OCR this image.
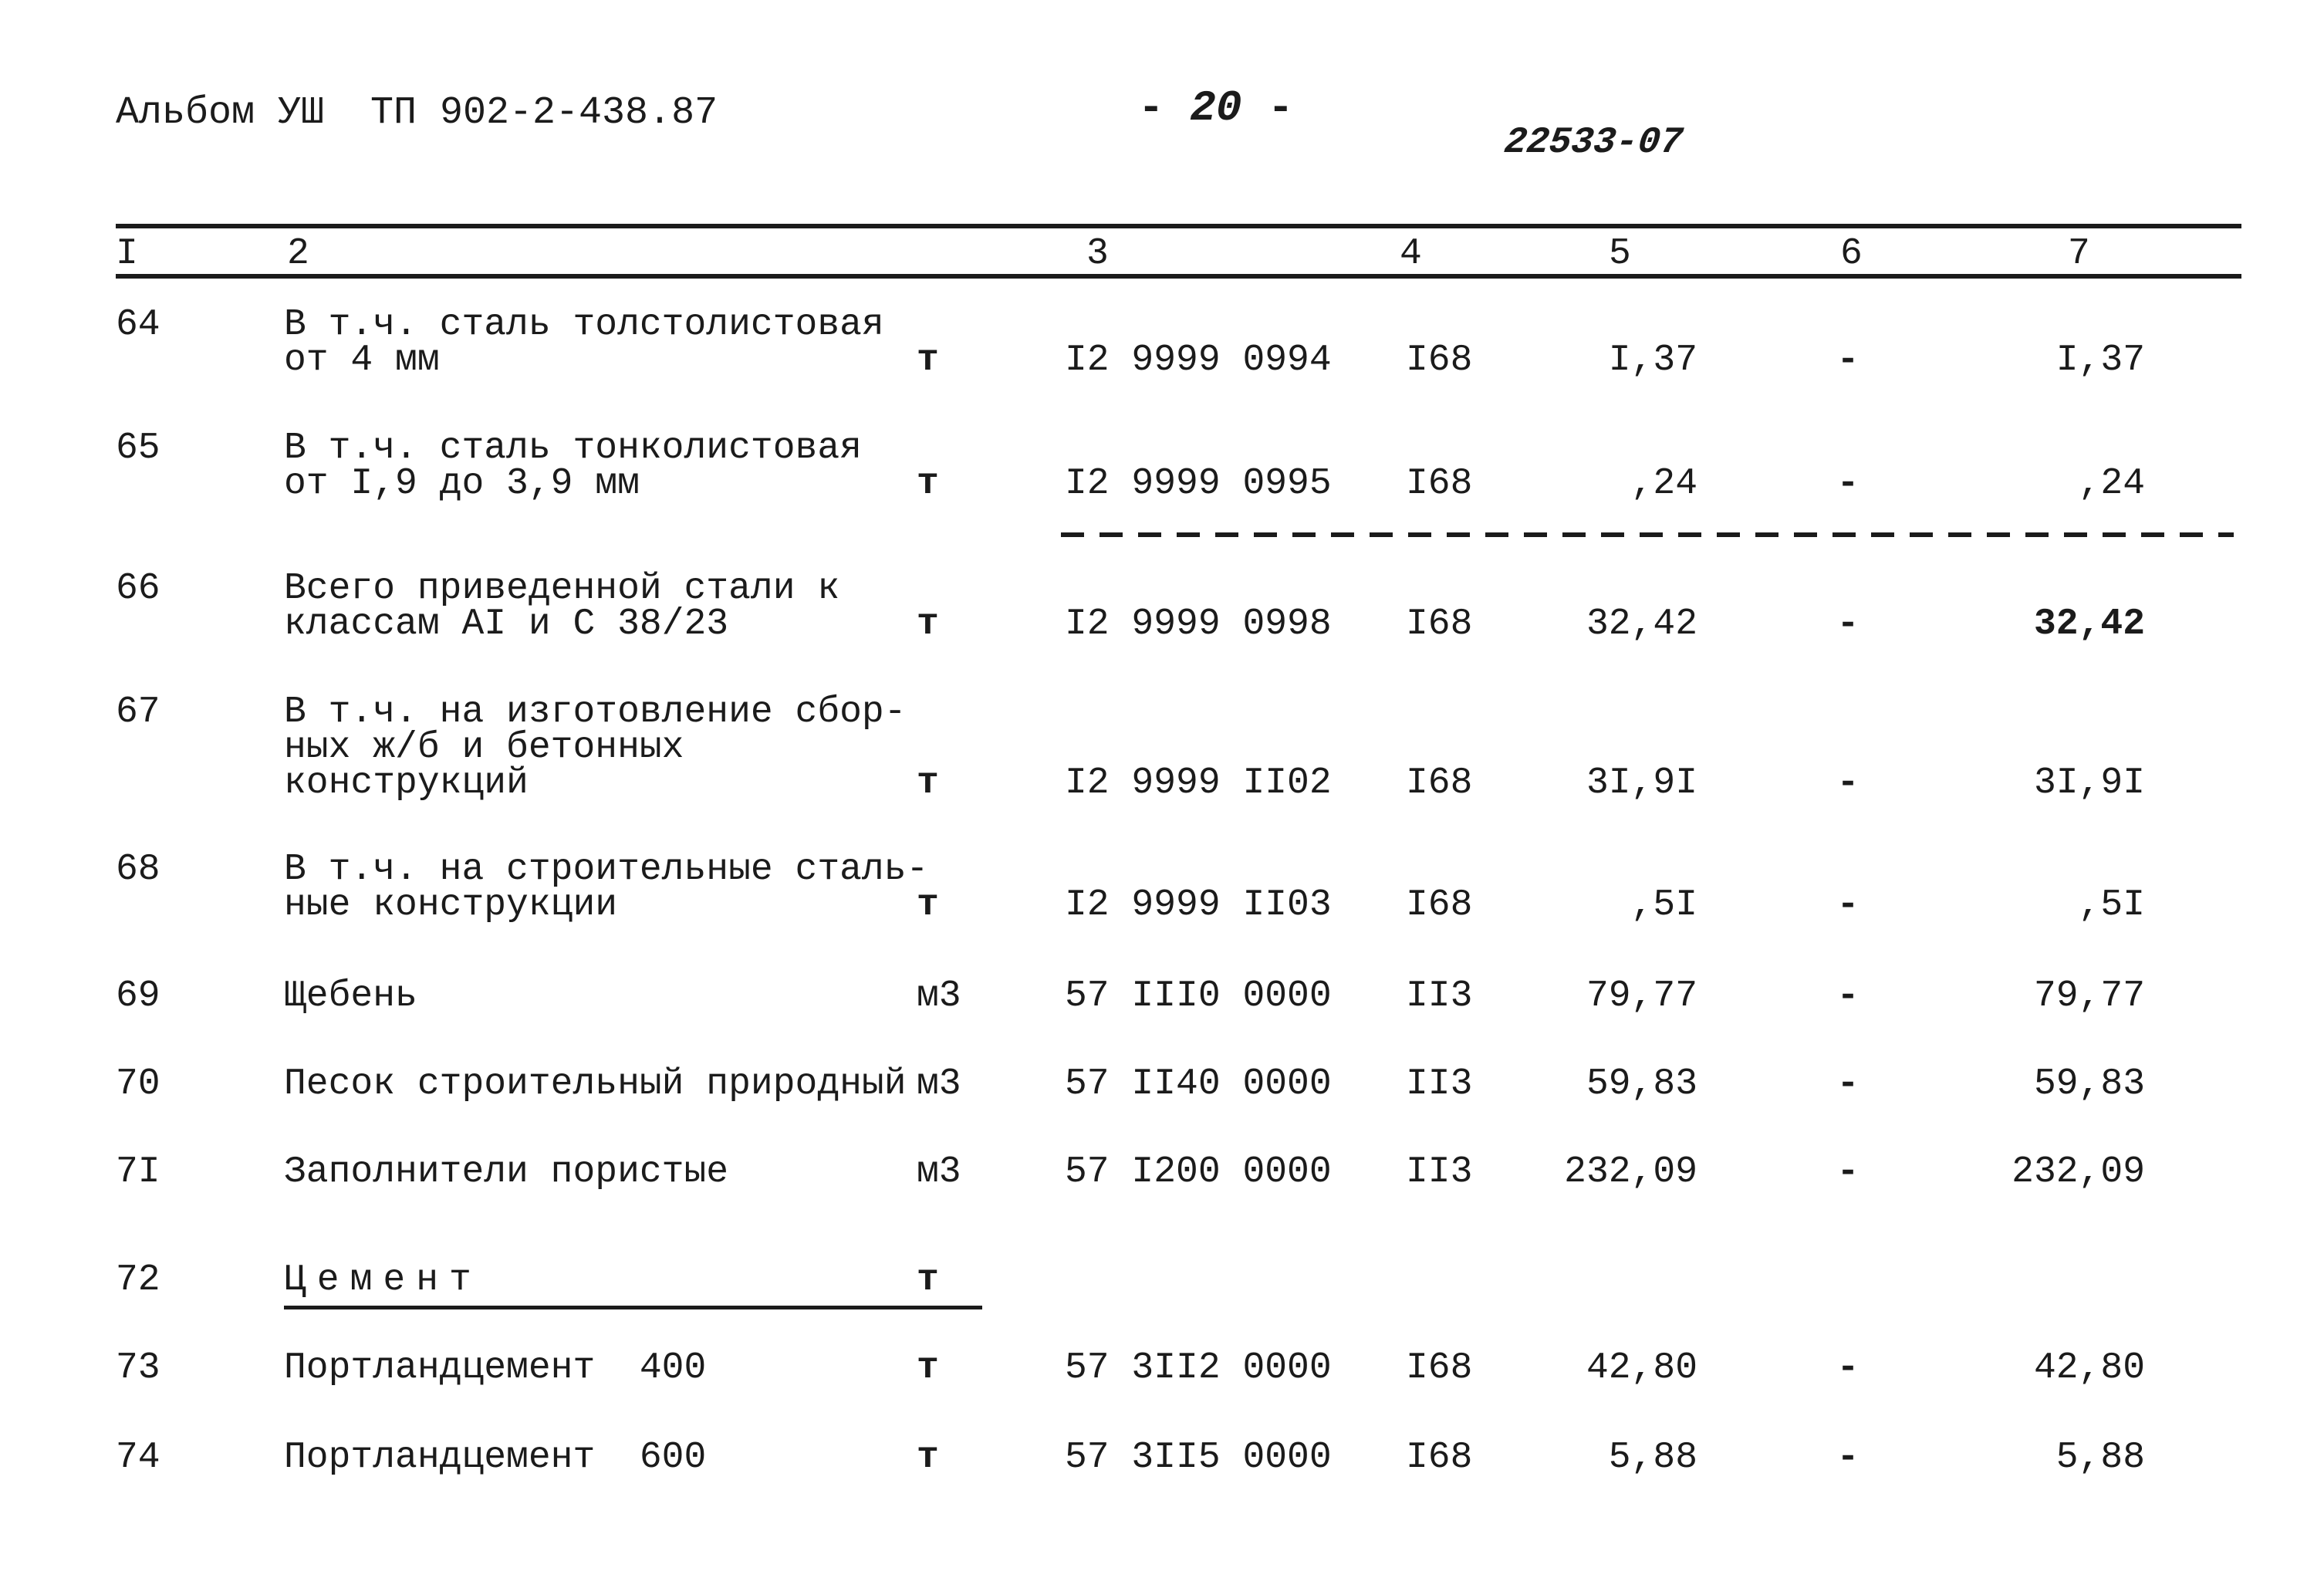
Альбом УШ ТП 902-2-438.87	- 20 -
22533-07
I	2	3	4	5	6	7
64	В т.ч. сталь толстолистовая
от 4 мм	т	I2 9999 0994 I68	I,37	-	I,37
65	В т.ч. сталь тонколистовая
от I,9 до 3,9 мм	т	I2 9999 0995 I68	,24	-	,24
66	Всего приведенной стали к
классам AI и С 38/23	т	I2 9999 0998 I68	32,42	-	32,42
67	В т.ч. на изготовление сбор-
ных ж/б и бетонных
конструкций	т	I2 9999 II02 I68	3I,9I	-	3I,9I
68	В т.ч. на строительные сталь-
ные конструкции	т	I2 9999 II03 I68	,5I	-	,5I
69	Щебень	м3	57 III0 0000 II3	79,77	-	79,77
70	Песок строительный природный м3	57 II40 0000 II3	59,83	-	59,83
7I	Заполнители пористые	м3	57 I200 0000 II3	232,09	-	232,09
72	Цемент	т
73	Портландцемент  400	т	57 3II2 0000 I68	42,80	-	42,80
74	Портландцемент  600	т	57 3II5 0000 I68	5,88	-	5,88
